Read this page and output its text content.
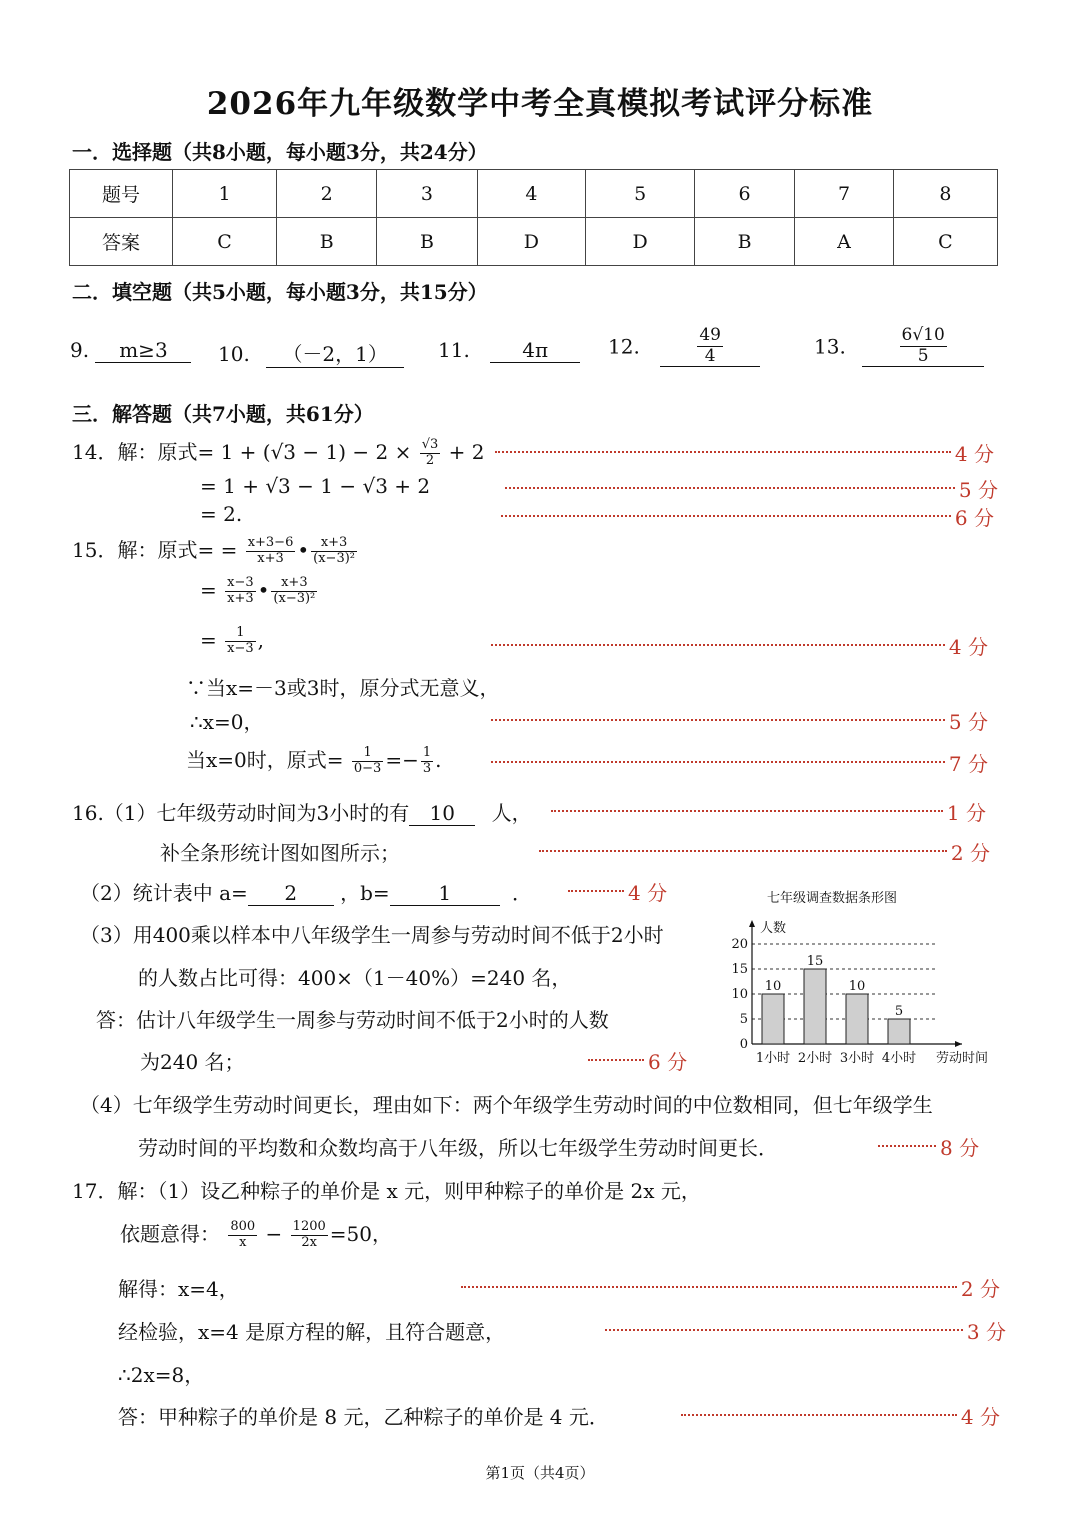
2026年九年级数学中考全真模拟考试评分标准
一．选择题（共8小题，每小题3分，共24分）
题号	1	2	3	4	5	6	7	8
答案	C	B	B	D	D	B	A	C
二．填空题（共5小题，每小题3分，共15分）
9. m≥3	10. （－2，1）	11.	4π	12.	$\frac{49}{4}$	13.	$\frac{6√10}{5}$
三．解答题（共7小题，共61分）
14．解：原式= $1 + (√3 - 1) - 2 \times \frac{√3}{2} + 2$
= 1 + √3 − 1 − √3 + 2
= 2.
4 分
5 分
6 分
15．解：原式= = $\frac{x+3-6}{x+3}$ • $\frac{x+3}{\text{(x−3)²}}$
= $\frac{x-3}{x+3}$ • $\frac{x+3}{\text{(x−3)²}}$
= $\frac{1}{x-3}$ ,
∵当x=－3或3时，原分式无意义，
∴x=0，
当x=0时，原式= $\frac{1}{0-3} =- \frac{1}{3}$ .
4 分
5 分
7 分
16.（1）七年级劳动时间为3小时的有 10 人，
补全条形统计图如图所示；
（2）统计表中 a= 2 ，b= 1	．
（3）用400乘以样本中八年级学生一周参与劳动时间不低于2小时
的人数占比可得：400×（1－40%）=240 名，
答：估计八年级学生一周参与劳动时间不低于2小时的人数
为240 名；
（4）七年级学生劳动时间更长，理由如下：两个年级学生劳动时间的中位数相同，但七年级学生
劳动时间的平均数和众数均高于八年级，所以七年级学生劳动时间更长．
1 分
2 分
4 分
6 分
8 分
七年级调查数据条形图
0
5
10
15
20
人数
劳动时间
10
1小时
15
2小时
10
3小时
5
4小时
17．解：（1）设乙种粽子的单价是 x 元，则甲种粽子的单价是 2x 元，
依题意得： $\frac{800}{x} - \frac{1200}{2x} =50$，
解得：x=4，
经检验，x=4 是原方程的解，且符合题意，
∴2x=8，
答：甲种粽子的单价是 8 元，乙种粽子的单价是 4 元．
2 分
3 分
4 分
第1页（共4页）
